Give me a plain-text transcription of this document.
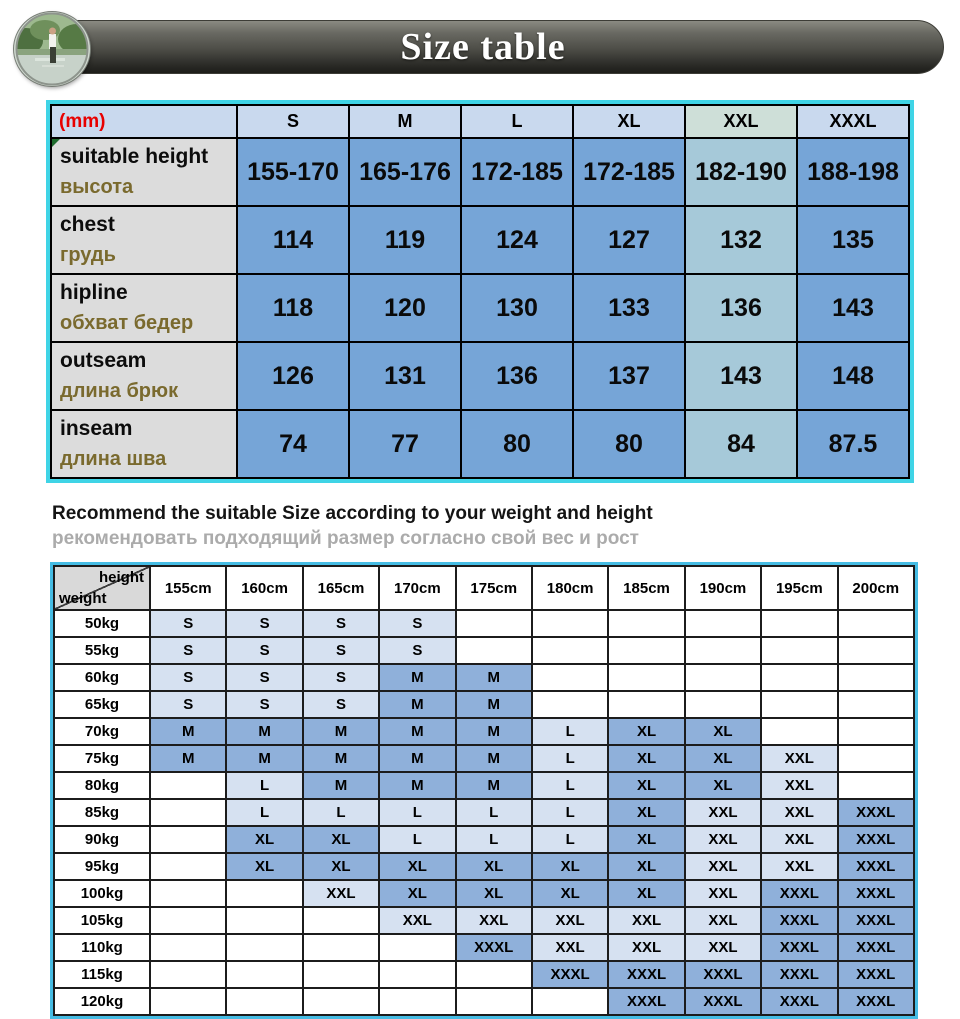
Size table
(mm)	S	M	L	XL	XXL	XXXL

suitable height
высота	155-170	165-176	172-185	172-185	182-190	188-198

chest
грудь	114	119	124	127	132	135

hipline
обхват бедер	118	120	130	133	136	143

outseam
длина брюк	126	131	136	137	143	148

inseam
длина шва	74	77	80	80	84	87.5
Recommend the suitable Size according to your weight and height
рекомендовать подходящий размер согласно свой вес и рост
height
weight	155cm	160cm	165cm	170cm	175cm	180cm	185cm	190cm	195cm	200cm
50kg	S	S	S	S						
55kg	S	S	S	S						
60kg	S	S	S	M	M					
65kg	S	S	S	M	M					
70kg	M	M	M	M	M	L	XL	XL		
75kg	M	M	M	M	M	L	XL	XL	XXL	
80kg		L	M	M	M	L	XL	XL	XXL	
85kg		L	L	L	L	L	XL	XXL	XXL	XXXL
90kg		XL	XL	L	L	L	XL	XXL	XXL	XXXL
95kg		XL	XL	XL	XL	XL	XL	XXL	XXL	XXXL
100kg			XXL	XL	XL	XL	XL	XXL	XXXL	XXXL
105kg				XXL	XXL	XXL	XXL	XXL	XXXL	XXXL
110kg					XXXL	XXL	XXL	XXL	XXXL	XXXL
115kg						XXXL	XXXL	XXXL	XXXL	XXXL
120kg							XXXL	XXXL	XXXL	XXXL
